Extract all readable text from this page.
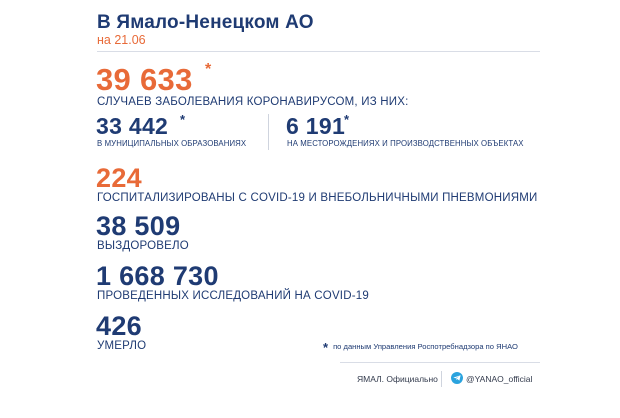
В Ямало-Ненецком АО
на 21.06
39 633 *
СЛУЧАЕВ ЗАБОЛЕВАНИЯ КОРОНАВИРУСОМ, ИЗ НИХ:
33 442 *
В МУНИЦИПАЛЬНЫХ ОБРАЗОВАНИЯХ
6 191
*
НА МЕСТОРОЖДЕНИЯХ И ПРОИЗВОДСТВЕННЫХ ОБЪЕКТАХ
224
ГОСПИТАЛИЗИРОВАНЫ С COVID-19 И ВНЕБОЛЬНИЧНЫМИ ПНЕВМОНИЯМИ
38 509
ВЫЗДОРОВЕЛО
1 668 730
ПРОВЕДЕННЫХ ИССЛЕДОВАНИЙ НА COVID-19
426
УМЕРЛО	* по данным Управления Роспотребнадзора по ЯНАО
ЯМАЛ. Официально	@YANAO_official
